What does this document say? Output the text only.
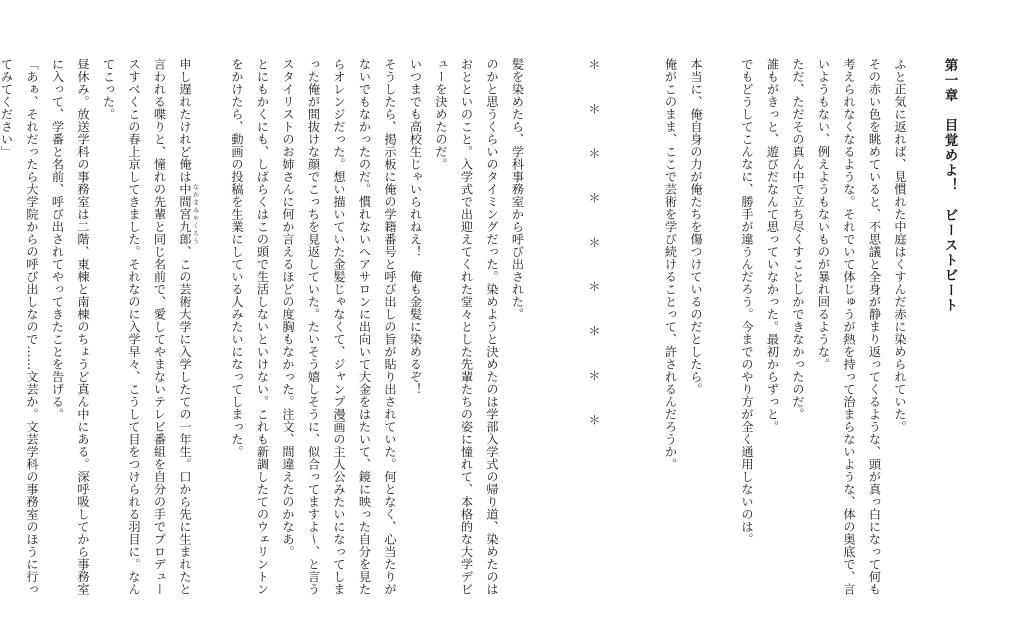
第一章　目覚めよ！　ビーストビート

ふと正気に返れば、見慣れた中庭はくすんだ赤に染められていた。

その赤い色を眺めていると、不思議と全身が静まり返ってくるような、頭が真っ白になって何も

考えられなくなるような。それでいて体じゅうが熱を持って治まらないような、体の奥底で、言

いようもない、例えようもないものが暴れ回るような。

ただ、ただその真ん中で立ち尽くすことしかできなかったのだ。

誰もがきっと、遊びだなんて思っていなかった。最初からずっと。

でもどうしてこんなに、勝手が違うんだろう。今までのやり方が全く通用しないのは。

本当に、俺自身の力が俺たちを傷つけているのだとしたら。

俺がこのまま、ここで芸術を学び続けることって、許されるんだろうか。

＊　＊　＊　＊　＊　＊　＊　＊　＊

髪を染めたら、学科事務室から呼び出された。

のかと思うくらいのタイミングだった。染めようと決めたのは学部入学式の帰り道、染めたのは

おとといのこと。入学式で出迎えてくれた堂々とした先輩たちの姿に憧れて、本格的な大学デビ

ューを決めたのだ。

いつまでも高校生じゃいられねえ！　俺も金髪に染めるぞ！

そうしたら、掲示板に俺の学籍番号と呼び出しの旨が貼り出されていた。何となく、心当たりが

ないでもなかったのだ。慣れないヘアサロンに出向いて大金をはたいて、鏡に映った自分を見た

らオレンジだった。想い描いていた金髪じゃなくて、ジャンプ漫画の主人公みたいになってしま

った俺が間抜けな顔でこっちを見返していた。たいそう嬉しそうに、似合ってますよ～、と言う

スタイリストのお姉さんに何か言えるほどの度胸もなかった。注文、間違えたのかなあ。

とにもかくにも、しばらくはこの頭で生活しないといけない。これも新調したてのウェリントン

をかけたら、動画の投稿を生業にしている人みたいになってしまった。

申し遅れたけれど俺は中間宮九郎 なかまみやくろう、この芸術大学に入学したての一年生。口から先に生まれたと

言われる喋りと、憧れの先輩と同じ名前で、愛してやまないテレビ番組を自分の手でプロデュー

スすべくこの春上京してきました。それなのに入学早々、こうして目をつけられる羽目に。なん

てこった。

昼休み。放送学科の事務室は二階、東棟と南棟のちょうど真ん中にある。深呼吸してから事務室

に入って、学番と名前、呼び出されてやってきたことを告げる。

「あぁ、それだったら大学院からの呼び出しなので……文芸か。文芸学科の事務室のほうに行っ

てみてください」
